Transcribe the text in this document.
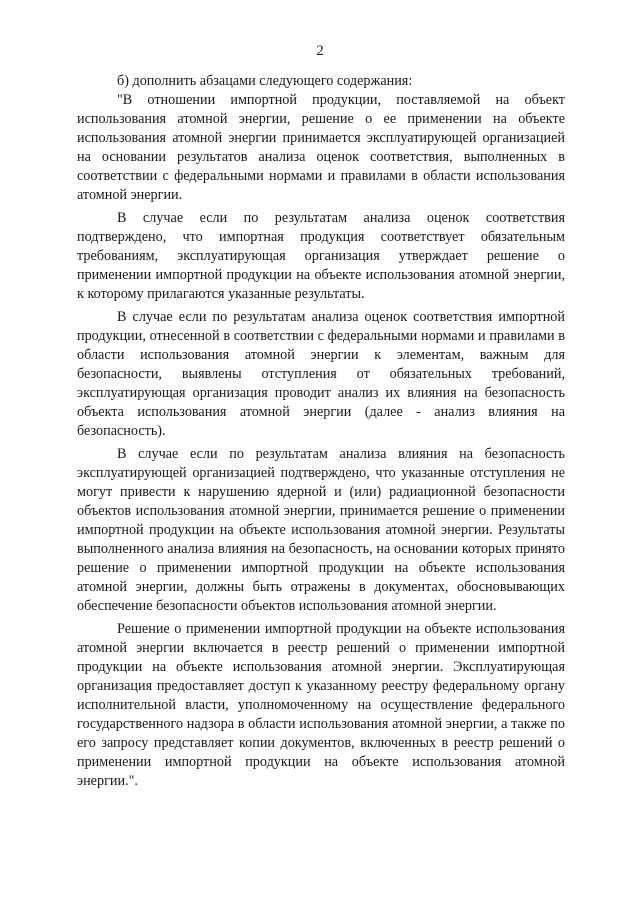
2

б) дополнить абзацами следующего содержания:

"В отношении импортной продукции, поставляемой на объект использования атомной энергии, решение о ее применении на объекте использования атомной энергии принимается эксплуатирующей организацией на основании результатов анализа оценок соответствия, выполненных в соответствии с федеральными нормами и правилами в области использования атомной энергии.

В случае если по результатам анализа оценок соответствия подтверждено, что импортная продукция соответствует обязательным требованиям, эксплуатирующая организация утверждает решение о применении импортной продукции на объекте использования атомной энергии, к которому прилагаются указанные результаты.

В случае если по результатам анализа оценок соответствия импортной продукции, отнесенной в соответствии с федеральными нормами и правилами в области использования атомной энергии к элементам, важным для безопасности, выявлены отступления от обязательных требований, эксплуатирующая организация проводит анализ их влияния на безопасность объекта использования атомной энергии (далее - анализ влияния на безопасность).

В случае если по результатам анализа влияния на безопасность эксплуатирующей организацией подтверждено, что указанные отступления не могут привести к нарушению ядерной и (или) радиационной безопасности объектов использования атомной энергии, принимается решение о применении импортной продукции на объекте использования атомной энергии. Результаты выполненного анализа влияния на безопасность, на основании которых принято решение о применении импортной продукции на объекте использования атомной энергии, должны быть отражены в документах, обосновывающих обеспечение безопасности объектов использования атомной энергии.

Решение о применении импортной продукции на объекте использования атомной энергии включается в реестр решений о применении импортной продукции на объекте использования атомной энергии. Эксплуатирующая организация предоставляет доступ к указанному реестру федеральному органу исполнительной власти, уполномоченному на осуществление федерального государственного надзора в области использования атомной энергии, а также по его запросу представляет копии документов, включенных в реестр решений о применении импортной продукции на объекте использования атомной энергии.".
